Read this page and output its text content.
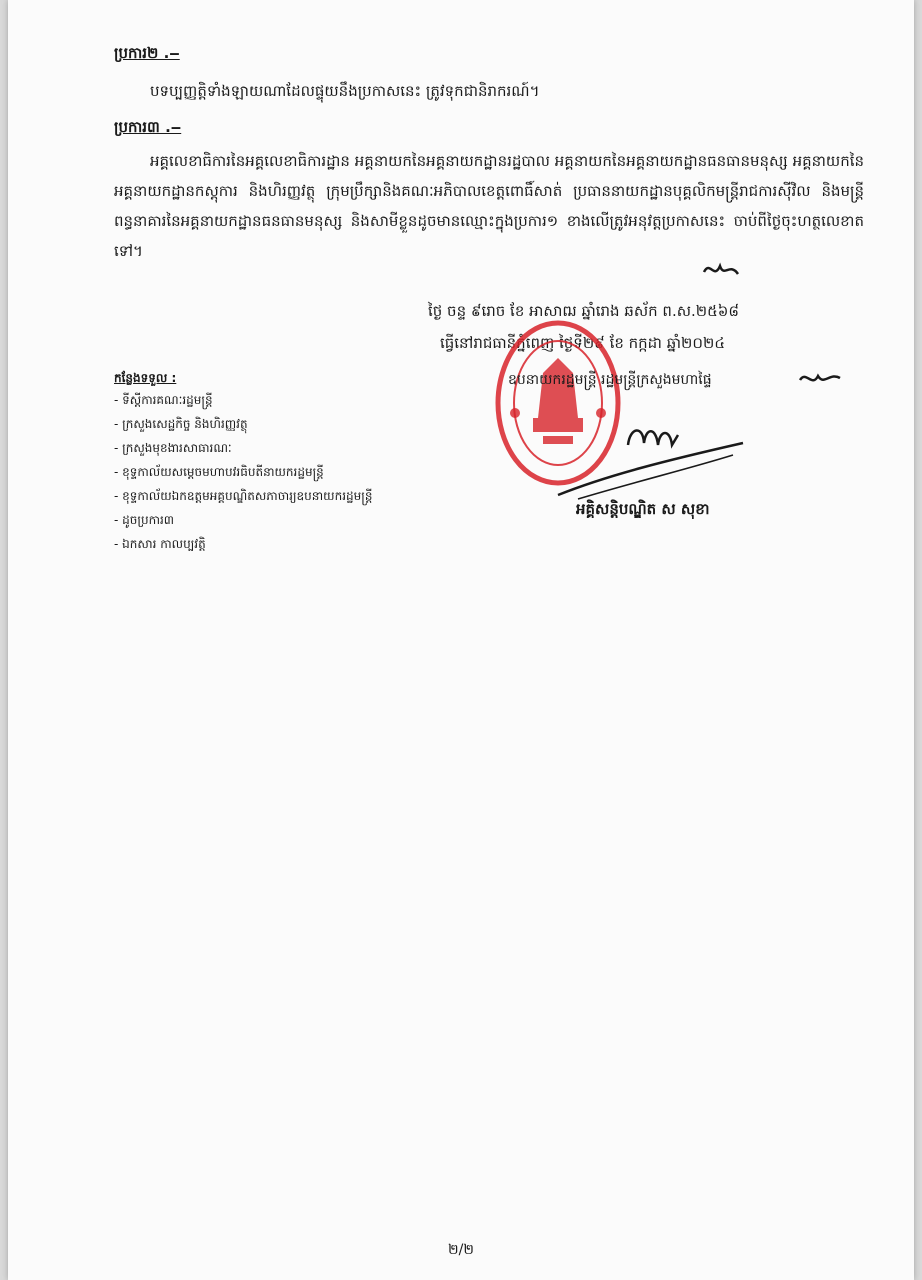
ប្រការ២ .‒
បទប្បញ្ញត្តិទាំងឡាយណាដែលផ្ទុយនឹងប្រកាសនេះ ត្រូវទុកជានិរាករណ៍។
ប្រការ៣ .‒
អគ្គលេខាធិការនៃអគ្គលេខាធិការដ្ឋាន អគ្គនាយកនៃអគ្គនាយកដ្ឋានរដ្ឋបាល អគ្គនាយកនៃអគ្គនាយកដ្ឋានធនធានមនុស្ស អគ្គនាយកនៃអគ្គនាយកដ្ឋានកស្ដុការ និងហិរញ្ញវត្ថុ ក្រុមប្រឹក្សានិងគណៈអភិបាលខេត្តពោធិ៍សាត់ ប្រធាននាយកដ្ឋានបុគ្គលិកមន្ត្រីរាជការស៊ីវិល និងមន្ត្រីពន្ធនាគារនៃអគ្គនាយកដ្ឋានធនធានមនុស្ស និងសាមីខ្លួនដូចមានឈ្មោះក្នុងប្រការ១ ខាងលើត្រូវអនុវត្តប្រកាសនេះ ចាប់ពីថ្ងៃចុះហត្ថលេខាតទៅ។
ថ្ងៃ ចន្ទ ៩រោច ខែ អាសាឍ ឆ្នាំរោង ឆស័ក ព.ស.២៥៦៨
ធ្វើនៅរាជធានីភ្នំពេញ ថ្ងៃទី២៩ ខែ កក្កដា ឆ្នាំ២០២៤
ឧបនាយករដ្ឋមន្ត្រី រដ្ឋមន្ត្រីក្រសួងមហាផ្ទៃ
អគ្គិសន្តិបណ្ឌិត ស សុខា
កន្លែងទទួល :
- ទីស្តីការគណៈរដ្ឋមន្ត្រី
- ក្រសួងសេដ្ឋកិច្ច និងហិរញ្ញវត្ថុ
- ក្រសួងមុខងារសាធារណៈ
- ខុទ្ទកាល័យសម្ដេចមហាបវរធិបតីនាយករដ្ឋមន្ត្រី
- ខុទ្ទកាល័យឯកឧត្តមអគ្គបណ្ឌិតសភាចារ្យឧបនាយករដ្ឋមន្ត្រី
- ដូចប្រការ៣
- ឯកសារ កាលប្បវត្តិ
២/២
